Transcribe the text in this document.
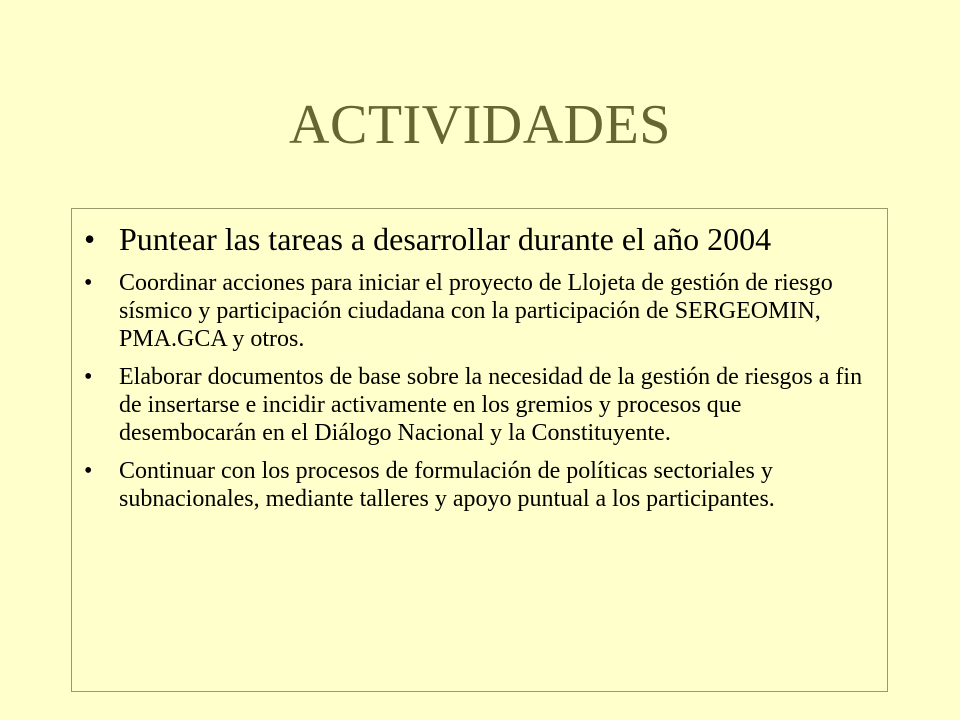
ACTIVIDADES
• Puntear las tareas a desarrollar durante el año 2004
• Coordinar acciones para iniciar el proyecto de Llojeta de gestión de riesgo sísmico y participación ciudadana con la participación de SERGEOMIN, PMA.GCA y otros.
• Elaborar documentos de base sobre la necesidad de la gestión de riesgos a fin de insertarse e incidir activamente en los gremios y procesos que desembocarán en el Diálogo Nacional y la Constituyente.
• Continuar con los procesos de formulación de políticas sectoriales y subnacionales, mediante talleres y apoyo puntual a los participantes.
